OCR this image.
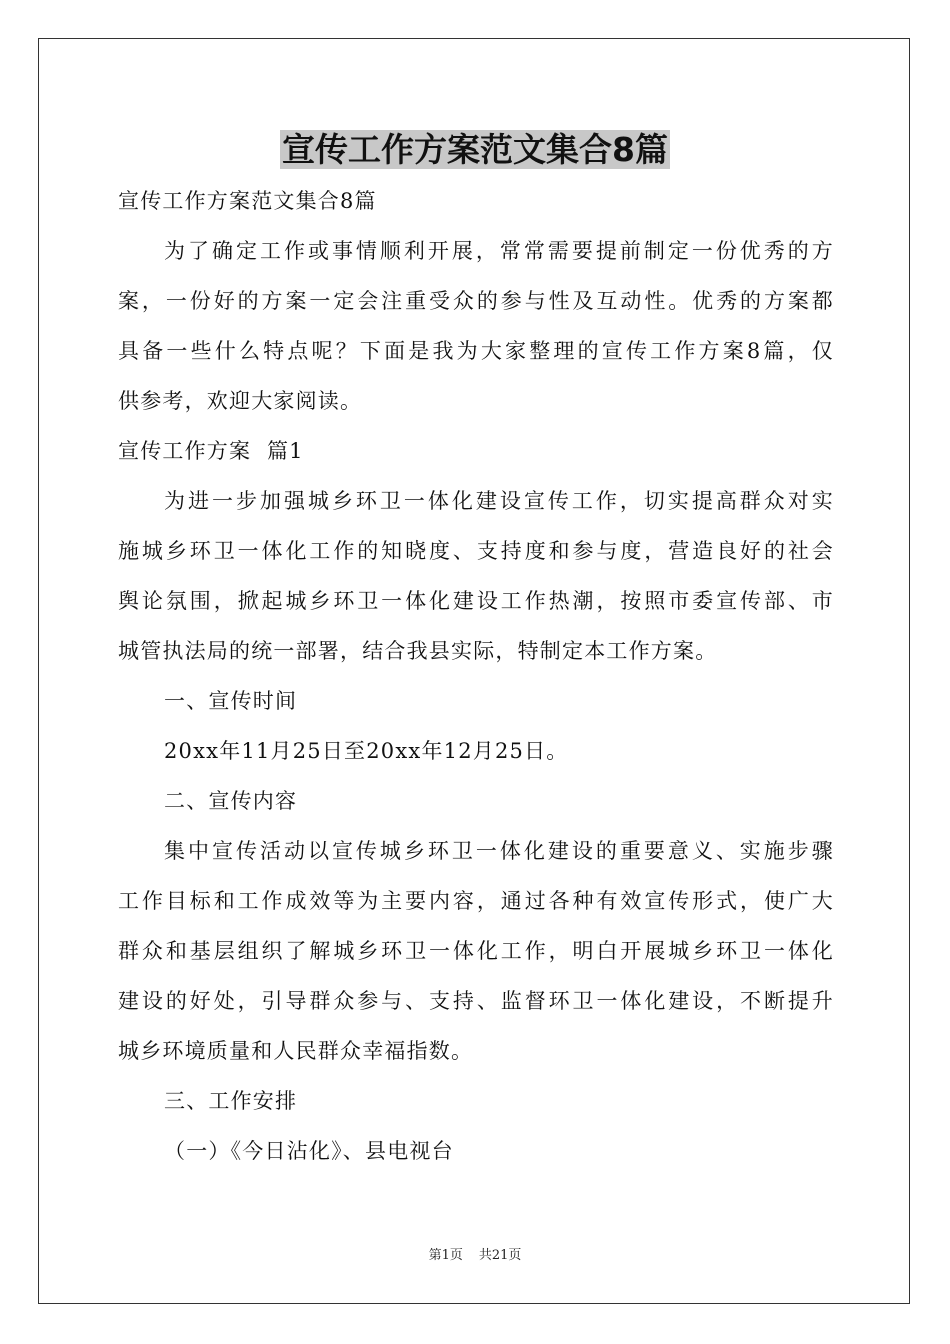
宣传工作方案范文集合8篇

宣传工作方案范文集合8篇

为了确定工作或事情顺利开展，常常需要提前制定一份优秀的方
案，一份好的方案一定会注重受众的参与性及互动性。优秀的方案都
具备一些什么特点呢？下面是我为大家整理的宣传工作方案8篇，仅
供参考，欢迎大家阅读。

宣传工作方案  篇1

为进一步加强城乡环卫一体化建设宣传工作，切实提高群众对实
施城乡环卫一体化工作的知晓度、支持度和参与度，营造良好的社会
舆论氛围，掀起城乡环卫一体化建设工作热潮，按照市委宣传部、市
城管执法局的统一部署，结合我县实际，特制定本工作方案。

一、宣传时间

20xx年11月25日至20xx年12月25日。

二、宣传内容

集中宣传活动以宣传城乡环卫一体化建设的重要意义、实施步骤
工作目标和工作成效等为主要内容，通过各种有效宣传形式，使广大
群众和基层组织了解城乡环卫一体化工作，明白开展城乡环卫一体化
建设的好处，引导群众参与、支持、监督环卫一体化建设，不断提升
城乡环境质量和人民群众幸福指数。

三、工作安排

（一）《今日沾化》、县电视台

第1页 共21页
